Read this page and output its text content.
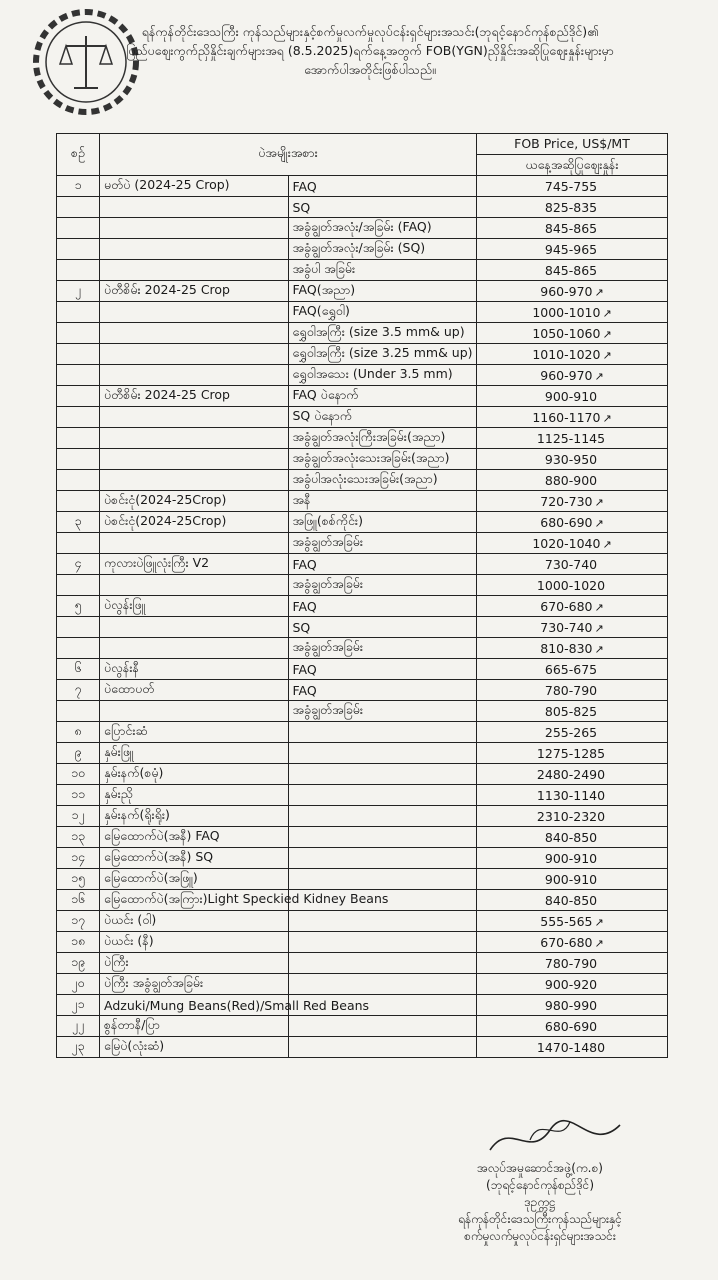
ရန်ကုန်တိုင်းဒေသကြီး ကုန်သည်များနှင့်စက်မှုလက်မှုလုပ်ငန်းရှင်များအသင်း(ဘုရင့်နောင်ကုန်စည်ဒိုင်)၏
ပြည်ပဈေးကွက်ညှိနှိုင်းချက်များအရ (8.5.2025)ရက်နေ့အတွက် FOB(YGN)ညှိနှိုင်းအဆိုပြုဈေးနှုန်းများမှာ
အောက်ပါအတိုင်းဖြစ်ပါသည်။
စဉ်	ပဲအမျိုးအစား		FOB Price, US$/MT
			ယနေ့အဆိုပြုဈေးနှုန်း
၁	မတ်ပဲ (2024-25 Crop)	FAQ	745-755
		SQ	825-835
		အခွံချွတ်အလုံး/အခြမ်း (FAQ)	845-865
		အခွံချွတ်အလုံး/အခြမ်း (SQ)	945-965
		အခွံပါ အခြမ်း	845-865
၂	ပဲတီစိမ်း 2024-25 Crop	FAQ(အညာ)	960-970 ↗
		FAQ(ရွှေဝါ)	1000-1010 ↗
		ရွှေဝါအကြီး (size 3.5 mm& up)	1050-1060 ↗
		ရွှေဝါအကြီး (size 3.25 mm& up)	1010-1020 ↗
		ရွှေဝါအသေး (Under 3.5 mm)	960-970 ↗
	ပဲတီစိမ်း 2024-25 Crop	FAQ ပဲနောက်	900-910
		SQ ပဲနောက်	1160-1170 ↗
		အခွံချွတ်အလုံးကြီးအခြမ်း(အညာ)	1125-1145
		အခွံချွတ်အလုံးသေးအခြမ်း(အညာ)	930-950
		အခွံပါအလုံးသေးအခြမ်း(အညာ)	880-900
	ပဲစင်းငုံ(2024-25Crop)	အနီ	720-730 ↗
၃	ပဲစင်းငုံ(2024-25Crop)	အဖြူ(စစ်ကိုင်း)	680-690 ↗
		အခွံချွတ်အခြမ်း	1020-1040 ↗
၄	ကုလားပဲဖြူလုံးကြီး V2	FAQ	730-740
		အခွံချွတ်အခြမ်း	1000-1020
၅	ပဲလွန်းဖြူ	FAQ	670-680 ↗
		SQ	730-740 ↗
		အခွံချွတ်အခြမ်း	810-830 ↗
၆	ပဲလွန်းနီ	FAQ	665-675
၇	ပဲထောပတ်	FAQ	780-790
		အခွံချွတ်အခြမ်း	805-825
၈	ပြောင်းဆံ		255-265
၉	နှမ်းဖြူ		1275-1285
၁၀	နှမ်းနက်(စမုံ)		2480-2490
၁၁	နှမ်းညို		1130-1140
၁၂	နှမ်းနက်(ရိုးရိုး)		2310-2320
၁၃	မြေထောက်ပဲ(အနီ) FAQ		840-850
၁၄	မြေထောက်ပဲ(အနီ) SQ		900-910
၁၅	မြေထောက်ပဲ(အဖြူ)		900-910
၁၆	မြေထောက်ပဲ(အကြား)Light Speckied Kidney Beans		840-850
၁၇	ပဲယင်း (ဝါ)		555-565 ↗
၁၈	ပဲယင်း (နီ)		670-680 ↗
၁၉	ပဲကြီး		780-790
၂၀	ပဲကြီး အခွံချွတ်အခြမ်း		900-920
၂၁	Adzuki/Mung Beans(Red)/Small Red Beans		980-990
၂၂	စွန်တာနီ/ပြာ		680-690
၂၃	မြေပဲ(လုံးဆံ)		1470-1480
အလုပ်အမှုဆောင်အဖွဲ့(က.စ)
(ဘုရင့်နောင်ကုန်စည်ဒိုင်)
ဒုဥက္ကဋ္ဌ
ရန်ကုန်တိုင်းဒေသကြီးကုန်သည်များနှင့်
စက်မှုလက်မှုလုပ်ငန်းရှင်များအသင်း
